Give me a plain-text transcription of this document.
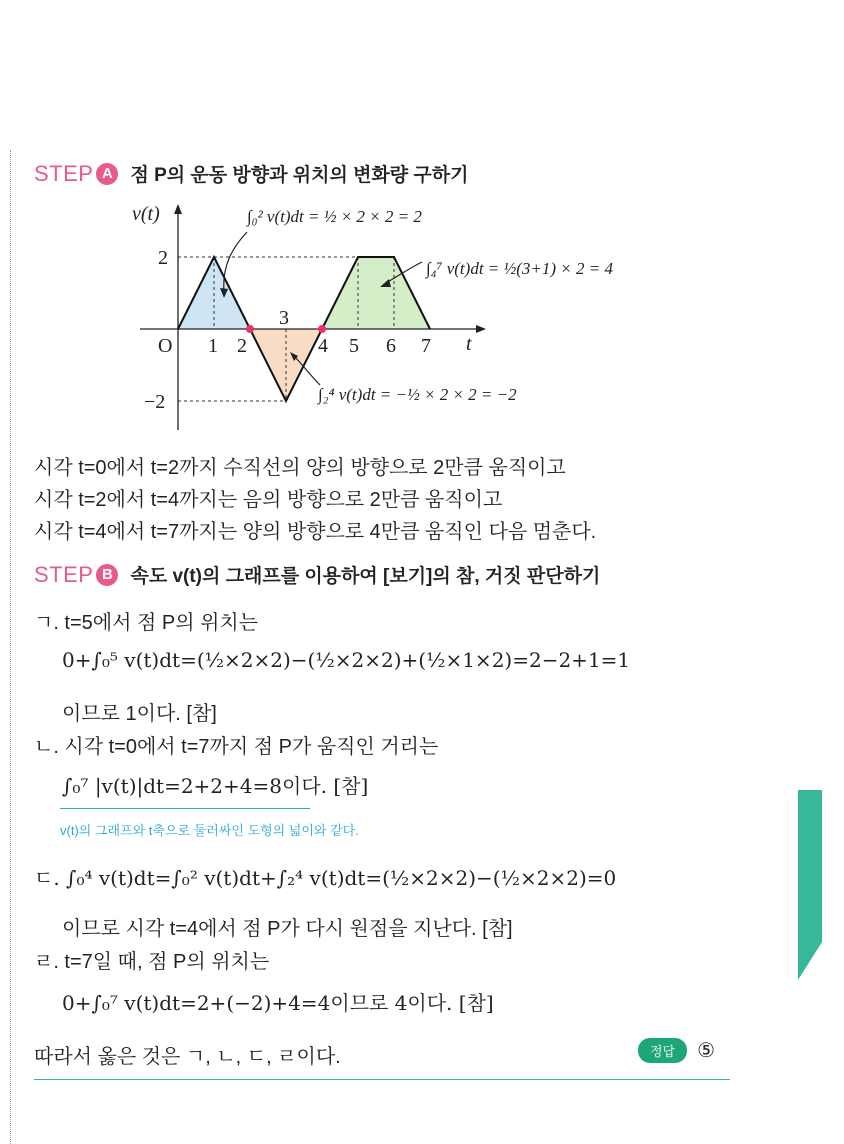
STEP A 점 P의 운동 방향과 위치의 변화량 구하기
v(t)
t
O 1 2
3
4 5 6 7
2
−2
∫₀² v(t)dt = ½ × 2 × 2 = 2
∫₄⁷ v(t)dt = ½(3+1) × 2 = 4
∫₂⁴ v(t)dt = −½ × 2 × 2 = −2
시각 t=0에서 t=2까지 수직선의 양의 방향으로 2만큼 움직이고
시각 t=2에서 t=4까지는 음의 방향으로 2만큼 움직이고
시각 t=4에서 t=7까지는 양의 방향으로 4만큼 움직인 다음 멈춘다.
STEP B 속도 v(t)의 그래프를 이용하여 [보기]의 참, 거짓 판단하기
ㄱ. t=5에서 점 P의 위치는
0+∫₀⁵ v(t)dt=(½×2×2)−(½×2×2)+(½×1×2)=2−2+1=1
이므로 1이다. [참]
ㄴ. 시각 t=0에서 t=7까지 점 P가 움직인 거리는
∫₀⁷ |v(t)|dt=2+2+4=8이다. [참]
v(t)의 그래프와 t축으로 둘러싸인 도형의 넓이와 같다.
ㄷ. ∫₀⁴ v(t)dt=∫₀² v(t)dt+∫₂⁴ v(t)dt=(½×2×2)−(½×2×2)=0
이므로 시각 t=4에서 점 P가 다시 원점을 지난다. [참]
ㄹ. t=7일 때, 점 P의 위치는
0+∫₀⁷ v(t)dt=2+(−2)+4=4이므로 4이다. [참]
따라서 옳은 것은 ㄱ, ㄴ, ㄷ, ㄹ이다.	정답	⑤
